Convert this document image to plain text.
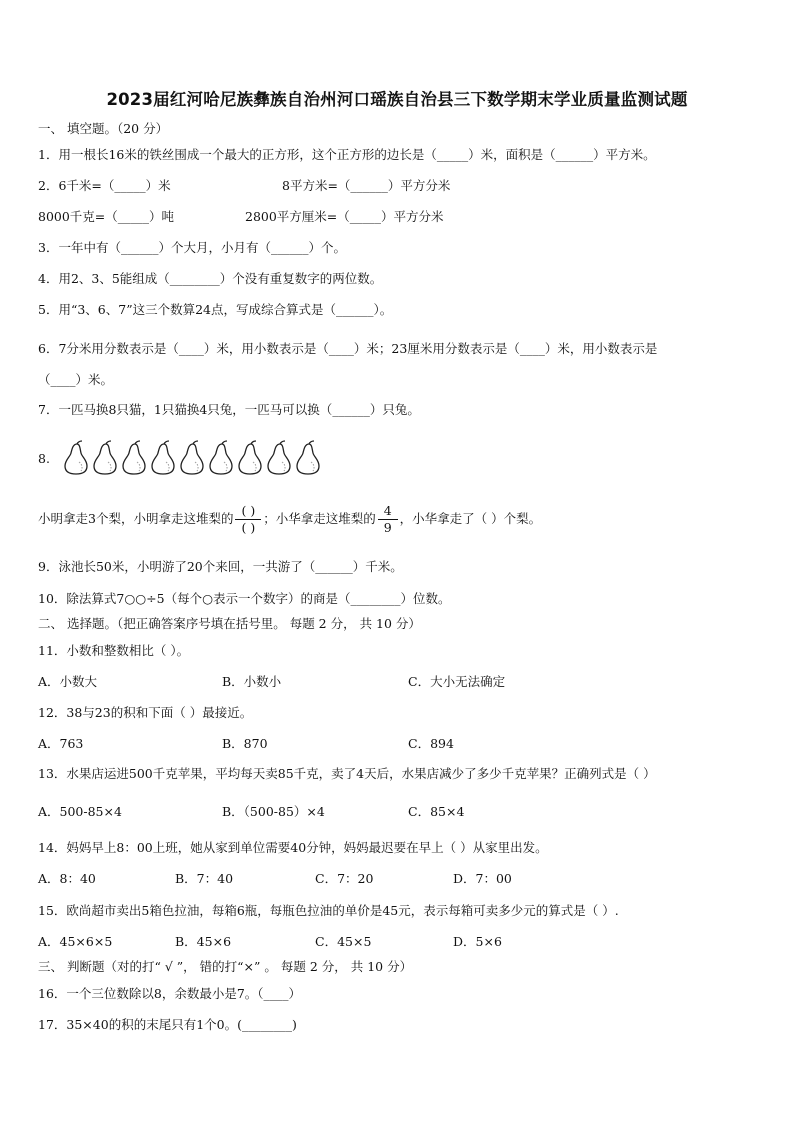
2023届红河哈尼族彝族自治州河口瑶族自治县三下数学期末学业质量监测试题
一、 填空题。（20 分）
1．用一根长16米的铁丝围成一个最大的正方形，这个正方形的边长是（_____）米，面积是（______）平方米。
2．6千米=（_____）米	8平方米=（______）平方分米
8000千克=（_____）吨	2800平方厘米=（_____）平方分米
3．一年中有（______）个大月，小月有（______）个。
4．用2、3、5能组成（________）个没有重复数字的两位数。
5．用“3、6、7”这三个数算24点，写成综合算式是（______）。
6．7分米用分数表示是（____）米，用小数表示是（____）米；23厘米用分数表示是（____）米，用小数表示是
（____）米。
7．一匹马换8只猫，1只猫换4只兔，一匹马可以换（______）只兔。
8.
小明拿走3个梨，小明拿走这堆梨的 $\frac{( )}{( )}$ ；小华拿走这堆梨的 $\frac{4}{9}$ ，小华拿走了（ ）个梨。
9．泳池长50米，小明游了20个来回，一共游了（______）千米。
10．除法算式7○○÷5（每个○表示一个数字）的商是（________）位数。
二、 选择题。（把正确答案序号填在括号里。 每题 2 分， 共 10 分）
11．小数和整数相比（ ）。
A．小数大	B．小数小	C．大小无法确定
12．38与23的积和下面（ ）最接近。
A．763	B．870	C．894
13．水果店运进500千克苹果，平均每天卖85千克，卖了4天后，水果店减少了多少千克苹果？正确列式是（ ）
A．500-85×4	B．（500-85）×4	C．85×4
14．妈妈早上8：00上班，她从家到单位需要40分钟，妈妈最迟要在早上（ ）从家里出发。
A．8：40	B．7：40	C．7：20	D．7：00
15．欧尚超市卖出5箱色拉油，每箱6瓶，每瓶色拉油的单价是45元，表示每箱可卖多少元的算式是（ ）.
A．45×6×5	B．45×6	C．45×5	D．5×6
三、 判断题（对的打“ √ ”， 错的打“×” 。 每题 2 分， 共 10 分）
16．一个三位数除以8，余数最小是7。（____）
17．35×40的积的末尾只有1个0。(________)
